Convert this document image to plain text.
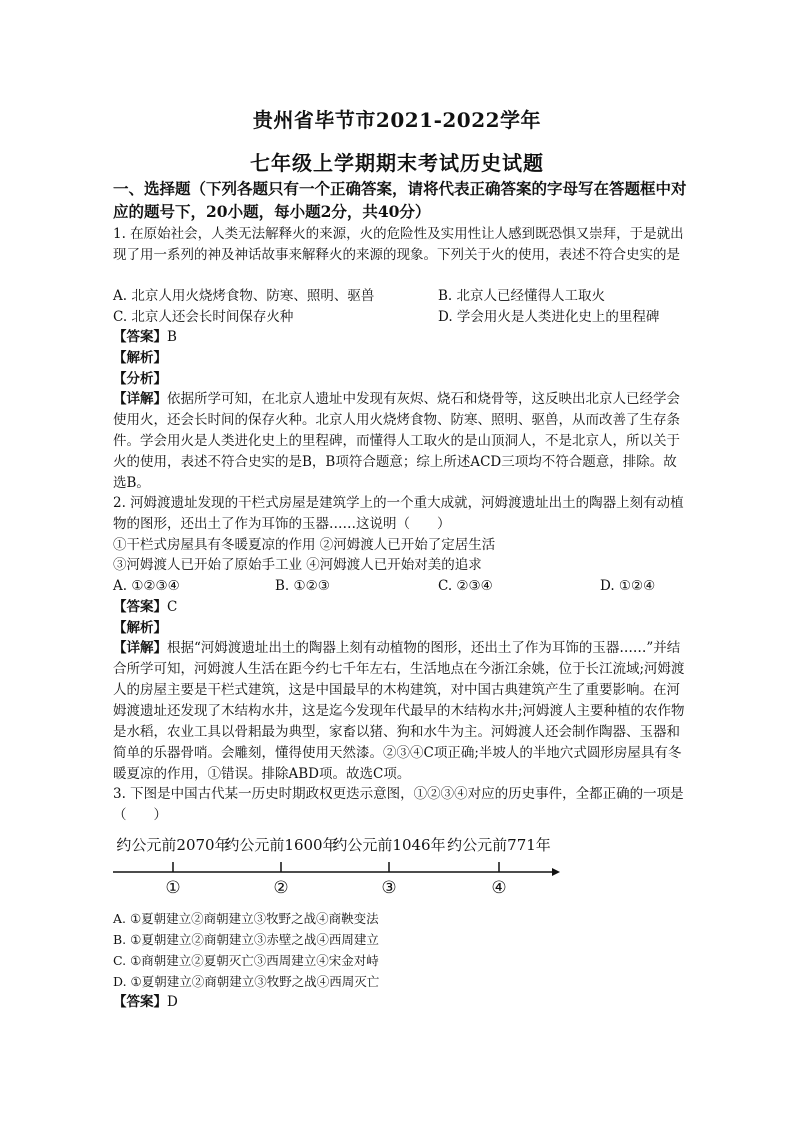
贵州省毕节市2021-2022学年
七年级上学期期末考试历史试题
一、选择题（下列各题只有一个正确答案，请将代表正确答案的字母写在答题框中对应的题号下，20小题，每小题2分，共40分）
1. 在原始社会，人类无法解释火的来源，火的危险性及实用性让人感到既恐惧又崇拜，于是就出现了用一系列的神及神话故事来解释火的来源的现象。下列关于火的使用，表述不符合史实的是
A. 北京人用火烧烤食物、防寒、照明、驱兽	B. 北京人已经懂得人工取火
C. 北京人还会长时间保存火种	D. 学会用火是人类进化史上的里程碑
【答案】B
【解析】
【分析】
【详解】依据所学可知，在北京人遗址中发现有灰烬、烧石和烧骨等，这反映出北京人已经学会使用火，还会长时间的保存火种。北京人用火烧烤食物、防寒、照明、驱兽，从而改善了生存条件。学会用火是人类进化史上的里程碑，而懂得人工取火的是山顶洞人，不是北京人，所以关于火的使用，表述不符合史实的是B，B项符合题意；综上所述ACD三项均不符合题意，排除。故选B。
2. 河姆渡遗址发现的干栏式房屋是建筑学上的一个重大成就，河姆渡遗址出土的陶器上刻有动植物的图形，还出土了作为耳饰的玉器……这说明（　　）
①干栏式房屋具有冬暖夏凉的作用 ②河姆渡人已开始了定居生活
③河姆渡人已开始了原始手工业 ④河姆渡人已开始对美的追求
A. ①②③④	B. ①②③	C. ②③④	D. ①②④
【答案】C
【解析】
【详解】根据“河姆渡遗址出土的陶器上刻有动植物的图形，还出土了作为耳饰的玉器……”并结合所学可知，河姆渡人生活在距今约七千年左右，生活地点在今浙江余姚，位于长江流域;河姆渡人的房屋主要是干栏式建筑，这是中国最早的木构建筑，对中国古典建筑产生了重要影响。在河姆渡遗址还发现了木结构水井，这是迄今发现年代最早的木结构水井;河姆渡人主要种植的农作物是水稻，农业工具以骨耜最为典型，家畜以猪、狗和水牛为主。河姆渡人还会制作陶器、玉器和简单的乐器骨哨。会雕刻，懂得使用天然漆。②③④C项正确;半坡人的半地穴式圆形房屋具有冬暖夏凉的作用，①错误。排除ABD项。故选C项。
3. 下图是中国古代某一历史时期政权更迭示意图，①②③④对应的历史事件，全都正确的一项是（　　）
约公元前2070年
①
约公元前1600年
②
约公元前1046年
③
约公元前771年
④
A. ①夏朝建立②商朝建立③牧野之战④商鞅变法
B. ①夏朝建立②商朝建立③赤壁之战④西周建立
C. ①商朝建立②夏朝灭亡③西周建立④宋金对峙
D. ①夏朝建立②商朝建立③牧野之战④西周灭亡
【答案】D
